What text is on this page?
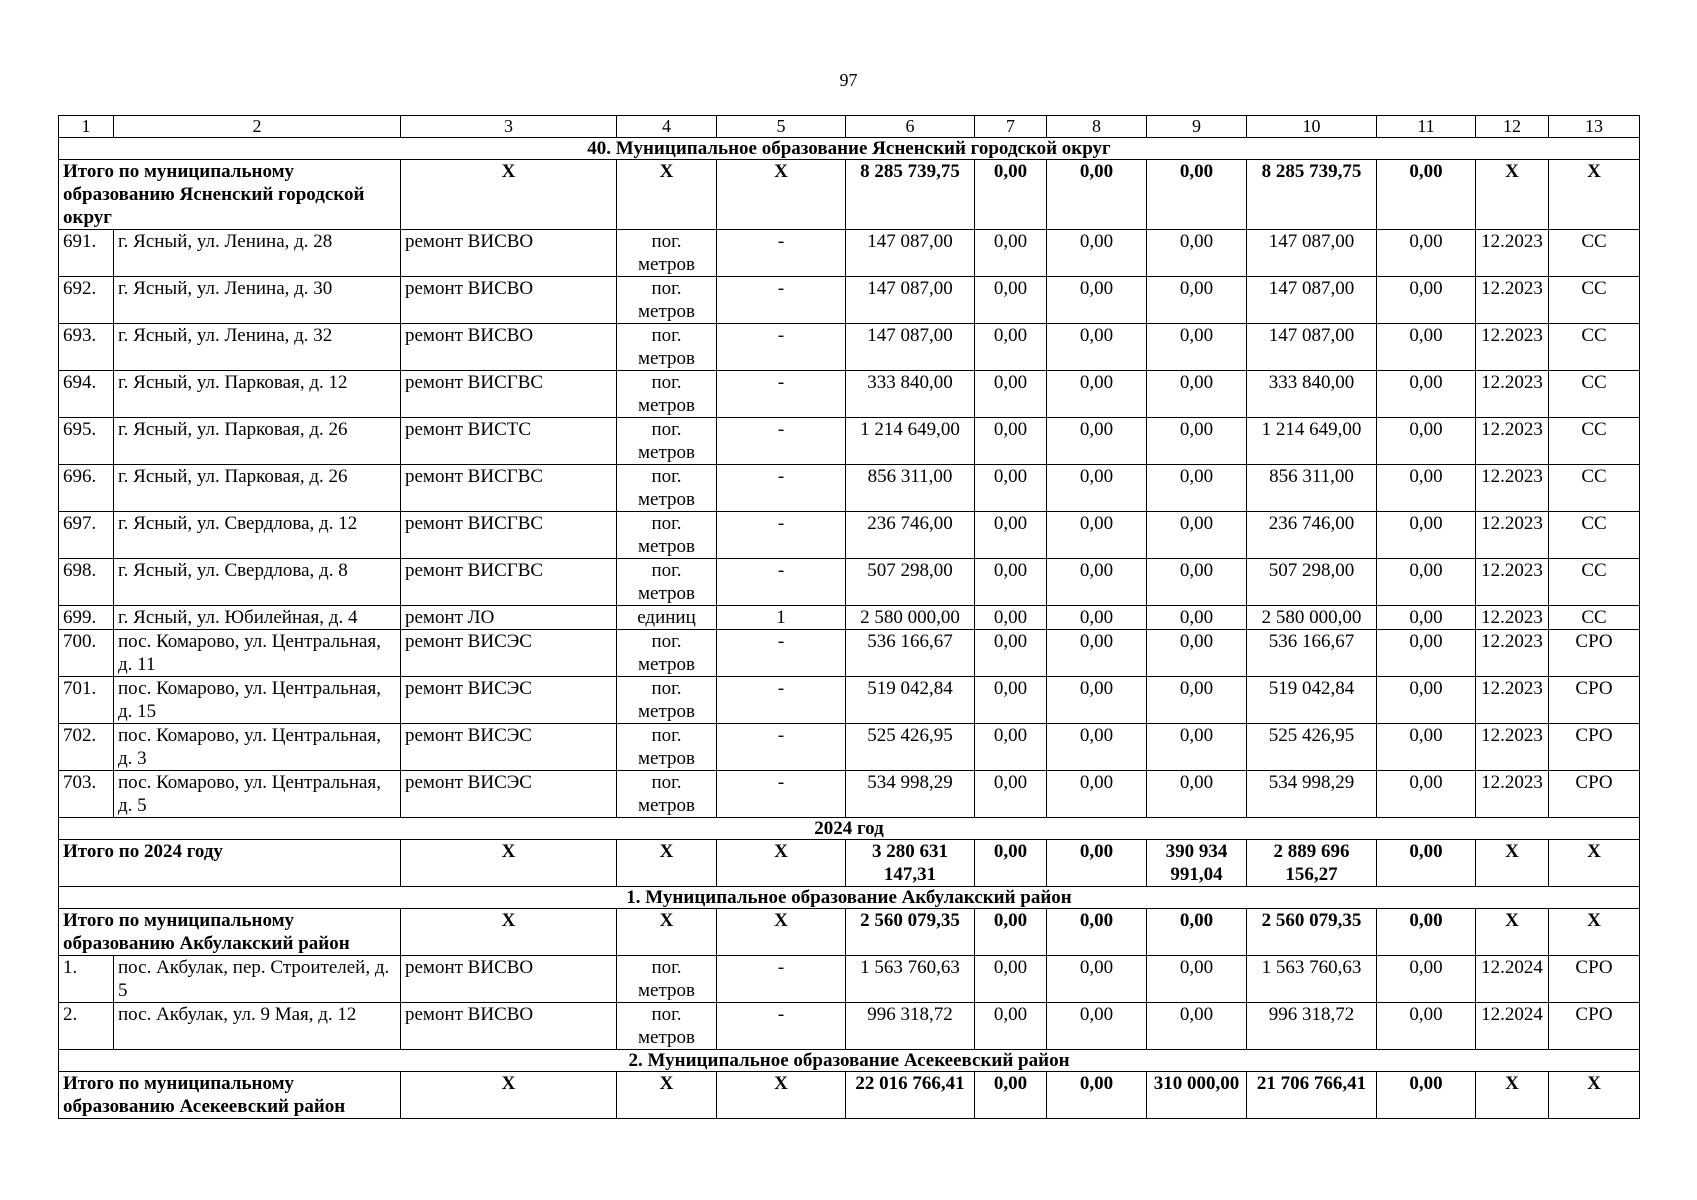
97
1	2	3	4	5	6	7	8	9	10	11	12	13
40. Муниципальное образование Ясненский городской округ												
Итого по муниципальному образованию Ясненский городской округ		Х	Х	Х	8 285 739,75	0,00	0,00	0,00	8 285 739,75	0,00	Х	Х
691.	г. Ясный, ул. Ленина, д. 28	ремонт ВИСВО	пог. метров	-	147 087,00	0,00	0,00	0,00	147 087,00	0,00	12.2023	СС
692.	г. Ясный, ул. Ленина, д. 30	ремонт ВИСВО	пог. метров	-	147 087,00	0,00	0,00	0,00	147 087,00	0,00	12.2023	СС
693.	г. Ясный, ул. Ленина, д. 32	ремонт ВИСВО	пог. метров	-	147 087,00	0,00	0,00	0,00	147 087,00	0,00	12.2023	СС
694.	г. Ясный, ул. Парковая, д. 12	ремонт ВИСГВС	пог. метров	-	333 840,00	0,00	0,00	0,00	333 840,00	0,00	12.2023	СС
695.	г. Ясный, ул. Парковая, д. 26	ремонт ВИСТС	пог. метров	-	1 214 649,00	0,00	0,00	0,00	1 214 649,00	0,00	12.2023	СС
696.	г. Ясный, ул. Парковая, д. 26	ремонт ВИСГВС	пог. метров	-	856 311,00	0,00	0,00	0,00	856 311,00	0,00	12.2023	СС
697.	г. Ясный, ул. Свердлова, д. 12	ремонт ВИСГВС	пог. метров	-	236 746,00	0,00	0,00	0,00	236 746,00	0,00	12.2023	СС
698.	г. Ясный, ул. Свердлова, д. 8	ремонт ВИСГВС	пог. метров	-	507 298,00	0,00	0,00	0,00	507 298,00	0,00	12.2023	СС
699.	г. Ясный, ул. Юбилейная, д. 4	ремонт ЛО	единиц	1	2 580 000,00	0,00	0,00	0,00	2 580 000,00	0,00	12.2023	СС
700.	пос. Комарово, ул. Центральная, д. 11	ремонт ВИСЭС	пог. метров	-	536 166,67	0,00	0,00	0,00	536 166,67	0,00	12.2023	СРО
701.	пос. Комарово, ул. Центральная, д. 15	ремонт ВИСЭС	пог. метров	-	519 042,84	0,00	0,00	0,00	519 042,84	0,00	12.2023	СРО
702.	пос. Комарово, ул. Центральная, д. 3	ремонт ВИСЭС	пог. метров	-	525 426,95	0,00	0,00	0,00	525 426,95	0,00	12.2023	СРО
703.	пос. Комарово, ул. Центральная, д. 5	ремонт ВИСЭС	пог. метров	-	534 998,29	0,00	0,00	0,00	534 998,29	0,00	12.2023	СРО
2024 год												
Итого по 2024 году		Х	Х	Х	3 280 631 147,31	0,00	0,00	390 934 991,04	2 889 696 156,27	0,00	Х	Х
1. Муниципальное образование Акбулакский район												
Итого по муниципальному образованию Акбулакский район		Х	Х	Х	2 560 079,35	0,00	0,00	0,00	2 560 079,35	0,00	Х	Х
1.	пос. Акбулак, пер. Строителей, д. 5	ремонт ВИСВО	пог. метров	-	1 563 760,63	0,00	0,00	0,00	1 563 760,63	0,00	12.2024	СРО
2.	пос. Акбулак, ул. 9 Мая, д. 12	ремонт ВИСВО	пог. метров	-	996 318,72	0,00	0,00	0,00	996 318,72	0,00	12.2024	СРО
2. Муниципальное образование Асекеевский район												
Итого по муниципальному образованию Асекеевский район		Х	Х	Х	22 016 766,41	0,00	0,00	310 000,00	21 706 766,41	0,00	Х	Х
